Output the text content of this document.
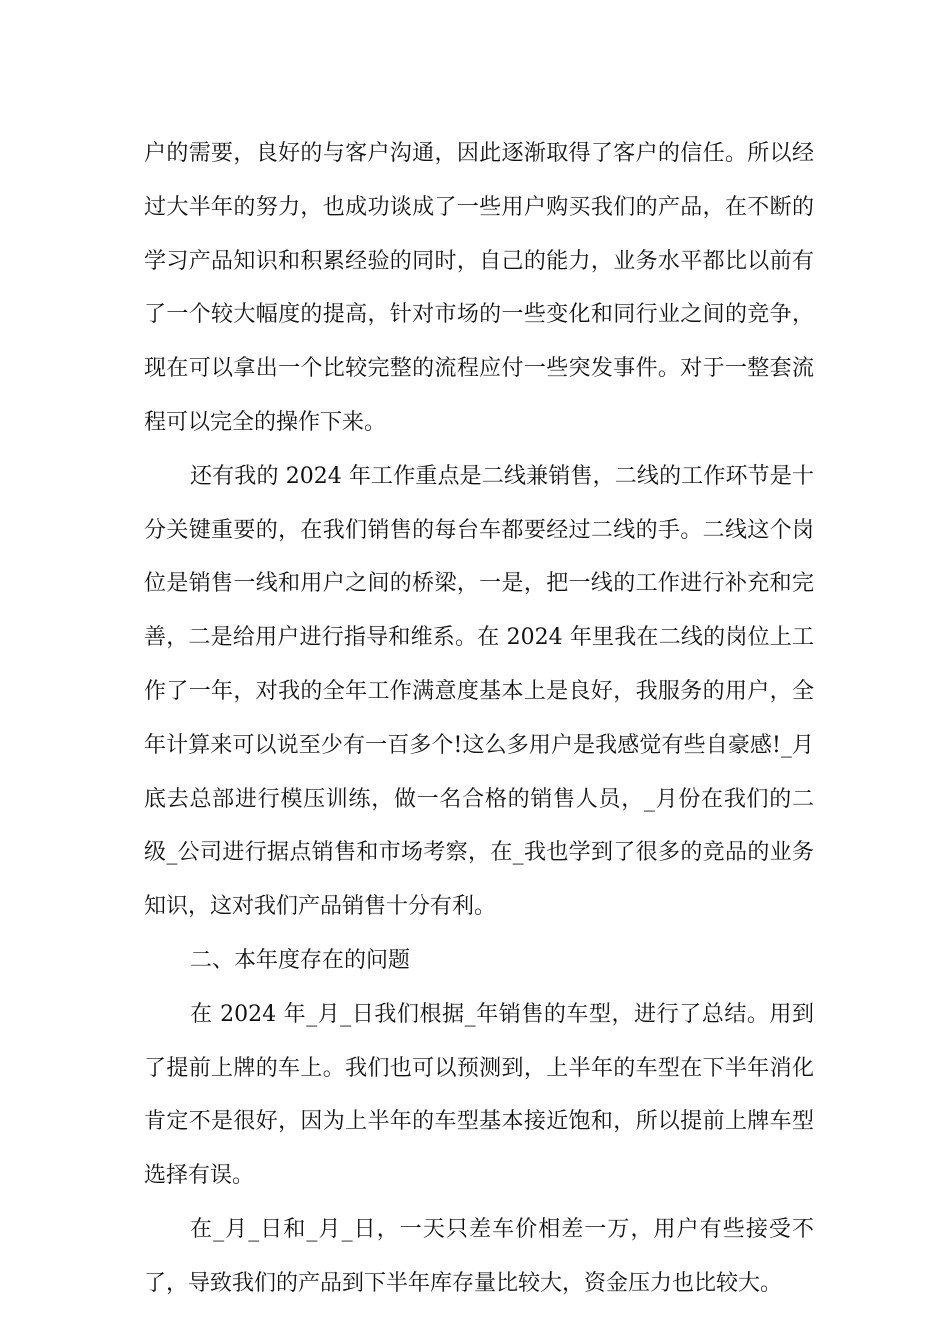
户的需要，良好的与客户沟通，因此逐渐取得了客户的信任。所以经过大半年的努力，也成功谈成了一些用户购买我们的产品，在不断的学习产品知识和积累经验的同时，自己的能力，业务水平都比以前有了一个较大幅度的提高，针对市场的一些变化和同行业之间的竞争，现在可以拿出一个比较完整的流程应付一些突发事件。对于一整套流程可以完全的操作下来。

还有我的 2024 年工作重点是二线兼销售，二线的工作环节是十分关键重要的，在我们销售的每台车都要经过二线的手。二线这个岗位是销售一线和用户之间的桥梁，一是，把一线的工作进行补充和完善，二是给用户进行指导和维系。在 2024 年里我在二线的岗位上工作了一年，对我的全年工作满意度基本上是良好，我服务的用户，全年计算来可以说至少有一百多个!这么多用户是我感觉有些自豪感!_月底去总部进行模压训练，做一名合格的销售人员，_月份在我们的二级_公司进行据点销售和市场考察，在_我也学到了很多的竞品的业务知识，这对我们产品销售十分有利。

二、本年度存在的问题

在 2024 年_月_日我们根据_年销售的车型，进行了总结。用到了提前上牌的车上。我们也可以预测到，上半年的车型在下半年消化肯定不是很好，因为上半年的车型基本接近饱和，所以提前上牌车型选择有误。

在_月_日和_月_日，一天只差车价相差一万，用户有些接受不了，导致我们的产品到下半年库存量比较大，资金压力也比较大。
